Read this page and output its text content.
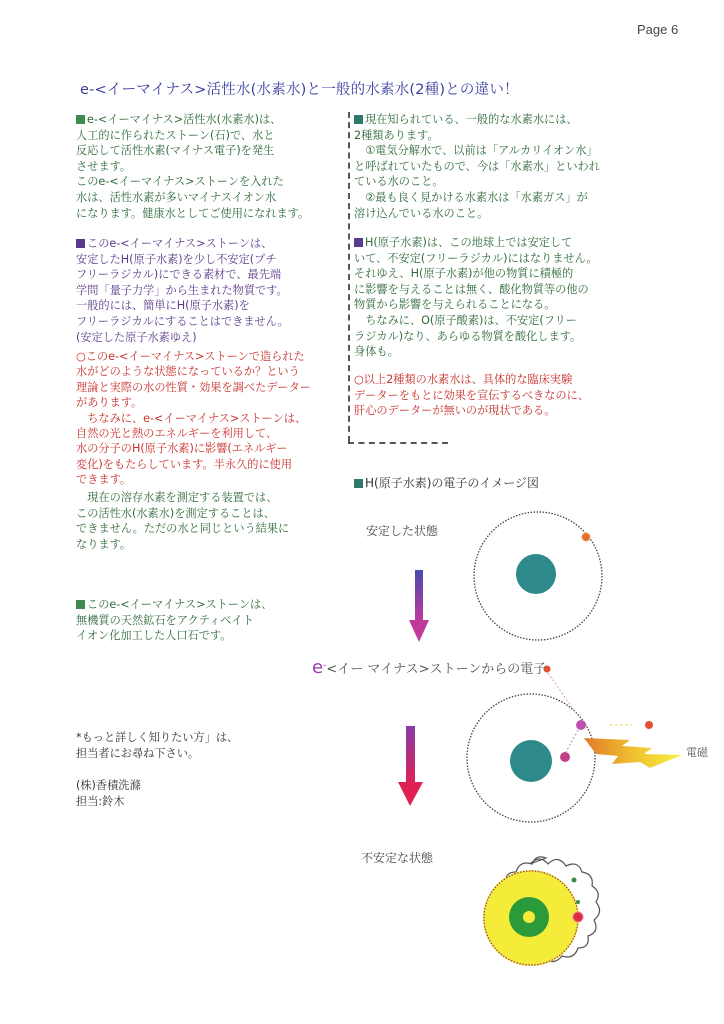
Page 6
e-<イーマイナス>活性水(水素水)と一般的水素水(2種)との違い！
e-<イーマイナス>活性水(水素水)は、
人工的に作られたストーン(石)で、水と
反応して活性水素(マイナス電子)を発生
させます。
このe-<イーマイナス>ストーンを入れた
水は、活性水素が多いマイナスイオン水
になります。健康水としてご使用になれます。
このe-<イーマイナス>ストーンは、
安定したH(原子水素)を少し不安定(プチ
フリーラジカル)にできる素材で、最先端
学問「量子力学」から生まれた物質です。
一般的には、簡単にH(原子水素)を
フリーラジカルにすることはできません。
(安定した原子水素ゆえ)
○このe-<イーマイナス>ストーンで造られた
水がどのような状態になっているか？という
理論と実際の水の性質・効果を調べたデーター
があります。
　ちなみに、e-<イーマイナス>ストーンは、
自然の光と熱のエネルギーを利用して、
水の分子のH(原子水素)に影響(エネルギー
変化)をもたらしています。半永久的に使用
できます。
　現在の溶存水素を測定する装置では、
この活性水(水素水)を測定することは、
できません。ただの水と同じという結果に
なります。
このe-<イーマイナス>ストーンは、
無機質の天然鉱石をアクティベイト
イオン化加工した人口石です。
*もっと詳しく知りたい方」は、
担当者にお尋ね下さい。
(株)香積洗滌
担当:鈴木
現在知られている、一般的な水素水には、
2種類あります。
　①電気分解水で、以前は「アルカリイオン水」
と呼ばれていたもので、今は「水素水」といわれ
ている水のこと。
　②最も良く見かける水素水は「水素ガス」が
溶け込んでいる水のこと。
H(原子水素)は、この地球上では安定して
いて、不安定(フリーラジカル)にはなりません。
それゆえ、H(原子水素)が他の物質に積極的
に影響を与えることは無く、酸化物質等の他の
物質から影響を与えられることになる。
　ちなみに、O(原子酸素)は、不安定(フリー
ラジカル)なり、あらゆる物質を酸化します。
身体も。
○以上2種類の水素水は、具体的な臨床実験
データーをもとに効果を宣伝するべきなのに、
肝心のデーターが無いのが現状である。
H(原子水素)の電子のイメージ図
安定した状態
e-<イー マイナス>ストーンからの電子
電磁
不安定な状態
